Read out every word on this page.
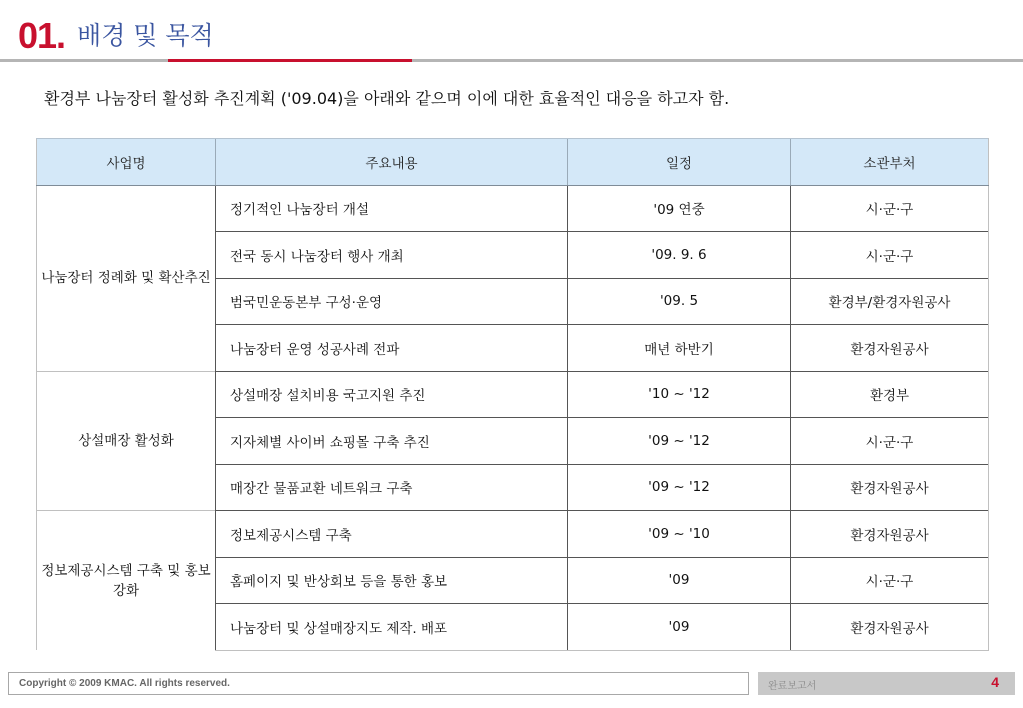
01. 배경 및 목적
환경부 나눔장터 활성화 추진계획 ('09.04)을 아래와 같으며 이에 대한 효율적인 대응을 하고자 함.
사업명	주요내용	일정	소관부처
나눔장터 정례화 및 확산추진	정기적인 나눔장터 개설	'09 연중	시·군·구
	전국 동시 나눔장터 행사 개최	'09. 9. 6	시·군·구
	범국민운동본부 구성·운영	'09. 5	환경부/환경자원공사
	나눔장터 운영 성공사례 전파	매년 하반기	환경자원공사
상설매장 활성화	상설매장 설치비용 국고지원 추진	'10 ~ '12	환경부
	지자체별 사이버 쇼핑몰 구축 추진	'09 ~ '12	시·군·구
	매장간 물품교환 네트워크 구축	'09 ~ '12	환경자원공사
정보제공시스템 구축 및 홍보강화	정보제공시스템 구축	'09 ~ '10	환경자원공사
	홈페이지 및 반상회보 등을 통한 홍보	'09	시·군·구
	나눔장터 및 상설매장지도 제작. 배포	'09	환경자원공사
Copyright © 2009 KMAC. All rights reserved.	완료보고서	4
